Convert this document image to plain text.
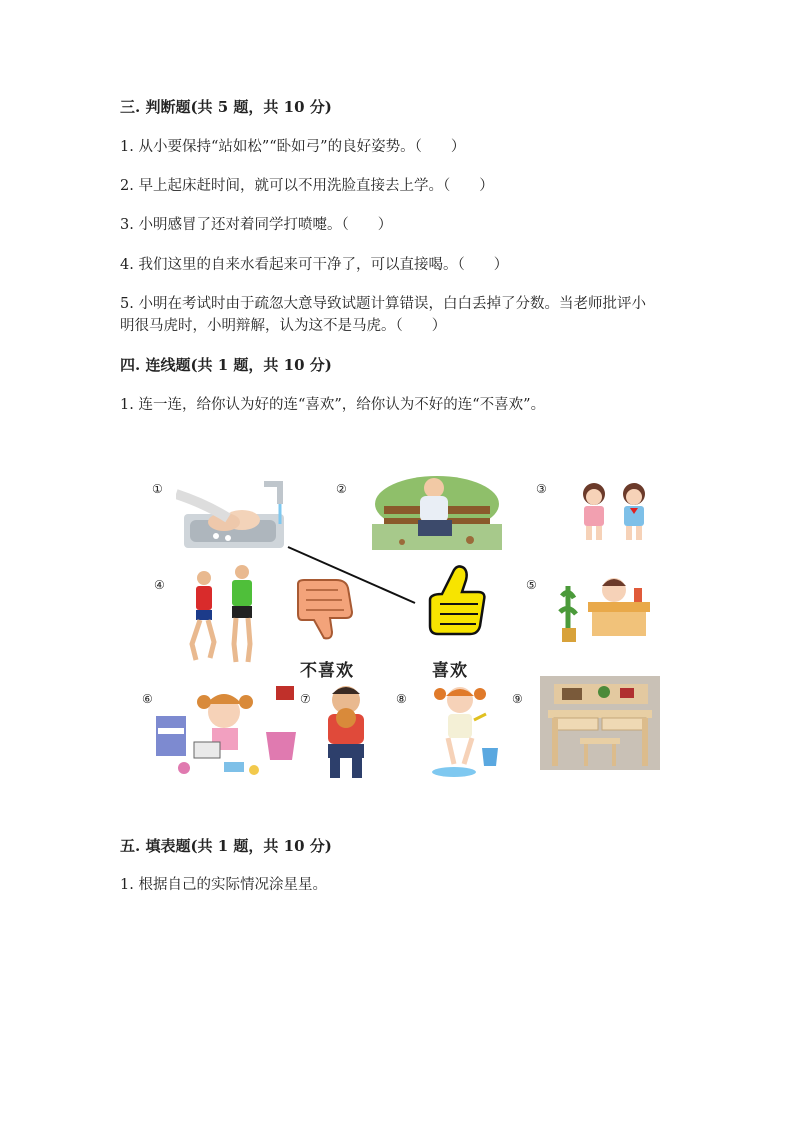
三. 判断题(共 5 题，共 10 分)
1. 从小要保持“站如松”“卧如弓”的良好姿势。（　　）
2. 早上起床赶时间，就可以不用洗脸直接去上学。（　　）
3. 小明感冒了还对着同学打喷嚏。（　　）
4. 我们这里的自来水看起来可干净了，可以直接喝。（　　）
5. 小明在考试时由于疏忽大意导致试题计算错误，白白丢掉了分数。当老师批评小明很马虎时，小明辩解，认为这不是马虎。（　　）
四. 连线题(共 1 题，共 10 分)
1. 连一连，给你认为好的连“喜欢”，给你认为不好的连“不喜欢”。
①	②	③
④	⑤
⑥	⑦	⑧	⑨
不喜欢	喜欢
五. 填表题(共 1 题，共 10 分)
1. 根据自己的实际情况涂星星。
